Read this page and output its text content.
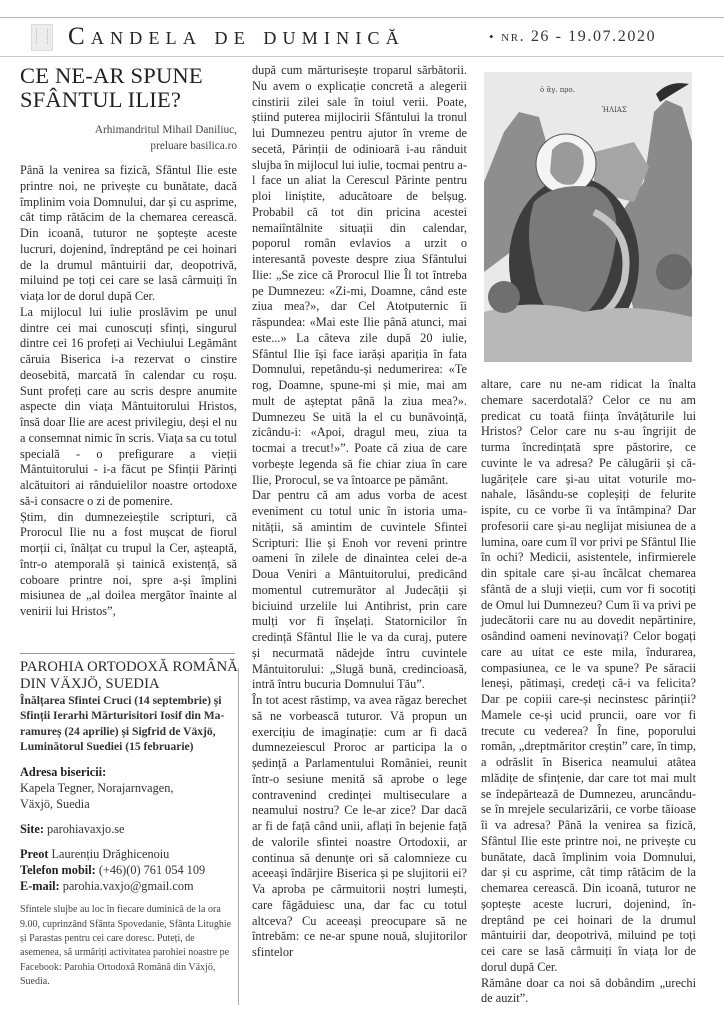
Candela de duminică	• nr. 26 - 19.07.2020
CE NE-AR SPUNE
SFÂNTUL ILIE?
Arhimandritul Mihail Daniliuc,
preluare basilica.ro

Până la venirea sa fizică, Sfântul Ilie este printre noi, ne privește cu bunătate, dacă împlinim voia Domnului, dar și cu asprime, cât timp rătăcim de la chemarea cerească. Din icoană, tuturor ne șoptește aceste lucruri, dojenind, îndreptând pe cei hoinari de la drumul mântuirii dar, deopotrivă, miluind pe toți cei care se lasă cârmuiți în viața lor de dorul după Cer.

La mijlocul lui iulie proslăvim pe unul dintre cei mai cunoscuți sfinți, singurul dintre cei 16 profeți ai Vechiului Legământ căruia Biserica i-a rezervat o cinstire deosebită, marcată în calendar cu roșu. Sunt profeți care au scris despre anumite aspecte din viața Mântuitorului Hristos, însă doar Ilie are acest privilegiu, deși el nu a consemnat nimic în scris. Viața sa cu totul specială - o prefigurare a vieții Mântuitorului - i-a făcut pe Sfinții Părinți alcătuitori ai rânduielilor noastre ortodoxe să-i consacre o zi de pomenire.

Știm, din dumnezeieștile scripturi, că Prorocul Ilie nu a fost mușcat de fiorul morții ci, înălțat cu trupul la Cer, așteaptă, într-o atemporală și tainică existență, să coboare printre noi, spre a-și împlini misiunea de „al doilea mergător înainte al venirii lui Hristos”,

PAROHIA ORTODOXĂ ROMÂNĂ
DIN VÄXJÖ, SUEDIA
Înălțarea Sfintei Cruci (14 septembrie) și Sfinții Ierarhi Mărturisitori Iosif din Maramureș (24 aprilie) și Sigfrid de Växjö, Luminătorul Suediei (15 februarie)
Adresa bisericii:
Kapela Tegner, Norajarnvagen,
Växjö, Suedia
Site: parohiavaxjo.se
Preot Laurențiu Drăghicenoiu
Telefon mobil: (+46)(0) 761 054 109
E-mail: parohia.vaxjo@gmail.com
Sfintele slujbe au loc în fiecare duminică de la ora 9.00, cuprinzând Sfânta Spovedanie, Sfânta Litughie și Parastas pentru cei care doresc. Puteți, de asemenea, să urmăriți activitatea parohiei noastre pe Facebook: Parohia Ortodoxă Română din Växjö, Suedia.

după cum mărturisește troparul sărbătorii. Nu avem o explicație concretă a alegerii cinstirii zilei sale în toiul verii. Poate, știind puterea mijlocirii Sfântului la tronul lui Dumnezeu pentru ajutor în vreme de secetă, Părinții de odinioară i-au rânduit slujba în mijlocul lui iulie, tocmai pentru a-l face un aliat la Cerescul Părinte pentru ploi liniștite, aducătoare de belșug. Probabil că tot din pricina acestei nemaiîntâlnite situații din calendar, poporul român evlavios a urzit o interesantă poveste despre ziua Sfântului Ilie: „Se zice că Prorocul Ilie Îl tot întreba pe Dumnezeu: «Zi-mi, Doamne, când este ziua mea?», dar Cel Atotputernic îi răspundea: «Mai este Ilie până atunci, mai este...» La câteva zile după 20 iulie, Sfântul Ilie își face iarăși apariția în fata Domnului, repetându-și nedumerirea: «Te rog, Doamne, spune-mi și mie, mai am mult de așteptat până la ziua mea?». Dumnezeu Se uită la el cu bunăvoință, zicându-i: «Apoi, dragul meu, ziua ta tocmai a trecut!»”. Poate că ziua de care vorbește legenda să fie chiar ziua în care Ilie, Prorocul, se va întoarce pe pământ.

Dar pentru că am adus vorba de acest eveniment cu totul unic în istoria umanității, să amintim de cuvintele Sfintei Scripturi: Ilie și Enoh vor reveni printre oameni în zilele de dinaintea celei de-a Doua Veniri a Mântuitorului, predicând momentul cutremurător al Judecății și biciuind urzelile lui Antihrist, prin care mulți vor fi înșelați. Statornicilor în credință Sfântul Ilie le va da curaj, putere și necurmată nădejde întru cuvintele Mântuitorului: „Slugă bună, credincioasă, intră întru bucuria Domnului Tău”.

În tot acest răstimp, va avea răgaz berechet să ne vorbească tuturor. Vă propun un exercițiu de imaginație: cum ar fi dacă dumnezeiescul Proroc ar participa la o ședință a Parlamentului României, reunit într-o sesiune menită să aprobe o lege contravenind credinței multiseculare a neamului nostru? Ce le-ar zice? Dar dacă ar fi de față când unii, aflați în bejenie față de valorile sfintei noastre Ortodoxii, ar continua să denunțe ori să calomnieze cu aceeași îndârjire Biserica și pe slujitorii ei? Va aproba pe cârmuitorii noștri lumești, care făgăduiesc una, dar fac cu totul altceva? Cu aceeași preocupare să ne întrebăm: ce ne-ar spune nouă, slujitorilor sfintelor

ὁ ἅγ. προ.
ἩΛΙΑΣ

altare, care nu ne-am ridicat la înalta chemare sacerdotală? Celor ce nu am predicat cu toată ființa învățăturile lui Hristos? Celor care nu s-au îngrijit de turma încredințată spre păstorire, ce cuvinte le va adresa? Pe călugării și călugărițele care și-au uitat voturile monahale, lăsându-se copleșiți de felurite ispite, cu ce vorbe îi va întâmpina? Dar profesorii care și-au neglijat misiunea de a lumina, oare cum îl vor privi pe Sfântul Ilie în ochi? Medicii, asistentele, infirmierele din spitale care și-au încălcat chemarea sfântă de a sluji vieții, cum vor fi socotiți de Omul lui Dumnezeu? Cum îi va privi pe judecătorii care nu au dovedit nepărtinire, osândind oameni nevinovați? Celor bogați care au uitat ce este mila, îndurarea, compasiunea, ce le va spune? Pe săracii leneși, pătimași, credeți că-i va felicita? Dar pe copiii care-și necinstesc părinții? Mamele ce-și ucid pruncii, oare vor fi trecute cu vederea? În fine, poporului român, „dreptmăritor creștin” care, în timp, a odrăslit în Biserica neamului atâtea mlădițe de sfințenie, dar care tot mai mult se îndepărtează de Dumnezeu, aruncându-se în mrejele secularizării, ce vorbe tăioase îi va adresa? Până la venirea sa fizică, Sfântul Ilie este printre noi, ne privește cu bunătate, dacă împlinim voia Domnului, dar și cu asprime, cât timp rătăcim de la chemarea cerească. Din icoană, tuturor ne șoptește aceste lucruri, dojenind, îndreptând pe cei hoinari de la drumul mântuirii dar, deopotrivă, miluind pe toți cei care se lasă cârmuiți în viața lor de dorul după Cer.

Rămâne doar ca noi să dobândim „urechi de auzit”.
